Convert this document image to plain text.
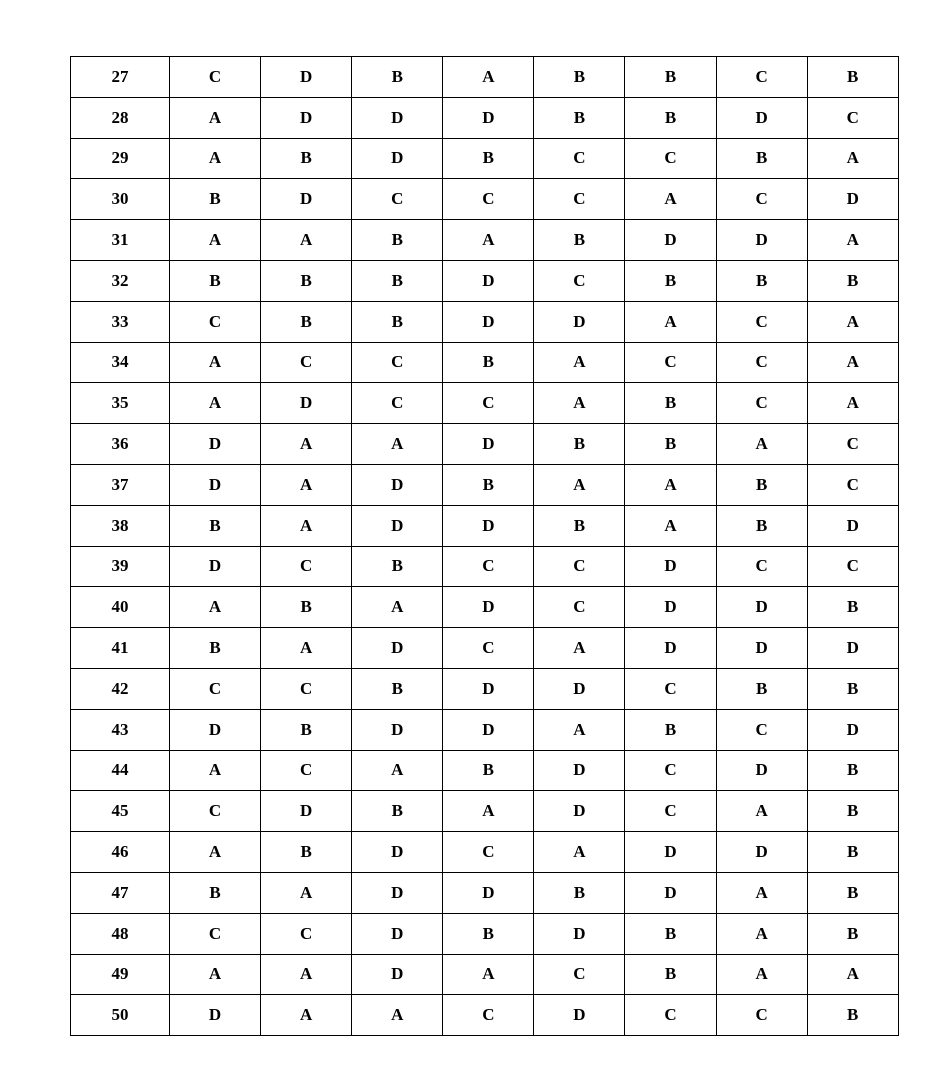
27	C	D	B	A	B	B	C	B
28	A	D	D	D	B	B	D	C
29	A	B	D	B	C	C	B	A
30	B	D	C	C	C	A	C	D
31	A	A	B	A	B	D	D	A
32	B	B	B	D	C	B	B	B
33	C	B	B	D	D	A	C	A
34	A	C	C	B	A	C	C	A
35	A	D	C	C	A	B	C	A
36	D	A	A	D	B	B	A	C
37	D	A	D	B	A	A	B	C
38	B	A	D	D	B	A	B	D
39	D	C	B	C	C	D	C	C
40	A	B	A	D	C	D	D	B
41	B	A	D	C	A	D	D	D
42	C	C	B	D	D	C	B	B
43	D	B	D	D	A	B	C	D
44	A	C	A	B	D	C	D	B
45	C	D	B	A	D	C	A	B
46	A	B	D	C	A	D	D	B
47	B	A	D	D	B	D	A	B
48	C	C	D	B	D	B	A	B
49	A	A	D	A	C	B	A	A
50	D	A	A	C	D	C	C	B
